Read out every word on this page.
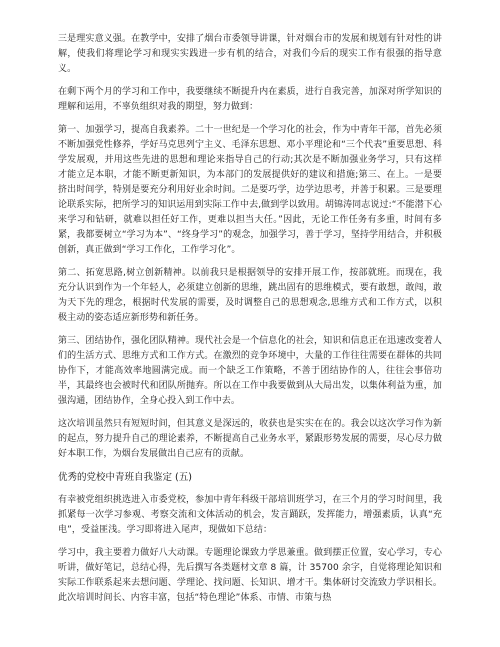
三是理实意义强。在教学中，安排了烟台市委领导讲课，针对烟台市的发展和规划有针对性的讲解，使我们将理论学习和现实实践进一步有机的结合，对我们今后的现实工作有很强的指导意义。

在剩下两个月的学习和工作中，我要继续不断提升内在素质，进行自我完善，加深对所学知识的理解和运用，不辜负组织对我的期望，努力做到：

第一、加强学习，提高自我素养。二十一世纪是一个学习化的社会，作为中青年干部，首先必须不断加强党性修养，学好马克思列宁主义、毛泽东思想、邓小平理论和“三个代表”重要思想、科学发展观，并用这些先进的思想和理论来指导自己的行动;其次是不断加强业务学习，只有这样才能立足本职，才能不断更新知识，为本部门的发展提供好的建议和措施;第三、在上。一是要挤出时间学，特别是要充分利用好业余时间。二是要巧学，边学边思考，并善于积累。三是要理论联系实际，把所学习的知识运用到实际工作中去,做到学以致用。胡锦涛同志说过:“不能潜下心来学习和钻研，就难以担任好工作，更难以担当大任。”因此，无论工作任务有多重，时间有多紧，我都要树立“学习为本”、“终身学习”的观念，加强学习，善于学习，坚持学用结合，并积极创新，真正做到“学习工作化，工作学习化”。

第二、拓宽思路,树立创新精神。以前我只是根据领导的安排开展工作，按部就班。而现在，我充分认识到作为一个年轻人，必须建立创新的思维，跳出固有的思维模式，要有敢想，敢闯，敢为天下先的理念，根据时代发展的需要，及时调整自己的思想观念,思维方式和工作方式，以积极主动的姿态适应新形势和新任务。

第三、团结协作，强化团队精神。现代社会是一个信息化的社会，知识和信息正在迅速改变着人们的生活方式、思维方式和工作方式。在激烈的竞争环境中，大量的工作往往需要在群体的共同协作下，才能高效率地圆满完成。而一个缺乏工作策略，不善于团结协作的人，往往会事倍功半，其最终也会被时代和团队所抛弃。所以在工作中我要做到从大局出发，以集体利益为重，加强沟通，团结协作，全身心投入到工作中去。

这次培训虽然只有短短时间，但其意义是深远的，收获也是实实在在的。我会以这次学习作为新的起点，努力提升自己的理论素养，不断提高自己业务水平，紧跟形势发展的需要，尽心尽力做好本职工作，为烟台发展做出自己应有的贡献。

优秀的党校中青班自我鉴定 (五)

有幸被党组织挑选进入市委党校，参加中青年科级干部培训班学习，在三个月的学习时间里，我抓紧每一次学习参观、考察交流和文体活动的机会，发言踊跃，发挥能力，增强素质，认真“充电”，受益匪浅。学习即将进入尾声，现做如下总结：

学习中，我主要着力做好八大动课。专题理论课致力学思兼重。做到摆正位置，安心学习，专心听讲，做好笔记，总结心得，先后撰写各类题材文章 8 篇，计 35700 余字，自觉将理论知识和实际工作联系起来去想问题、学理论、找问题、长知识、增才干。集体研讨交流致力学识相长。此次培训时间长、内容丰富，包括“特色理论”体系、市情、市策与热
